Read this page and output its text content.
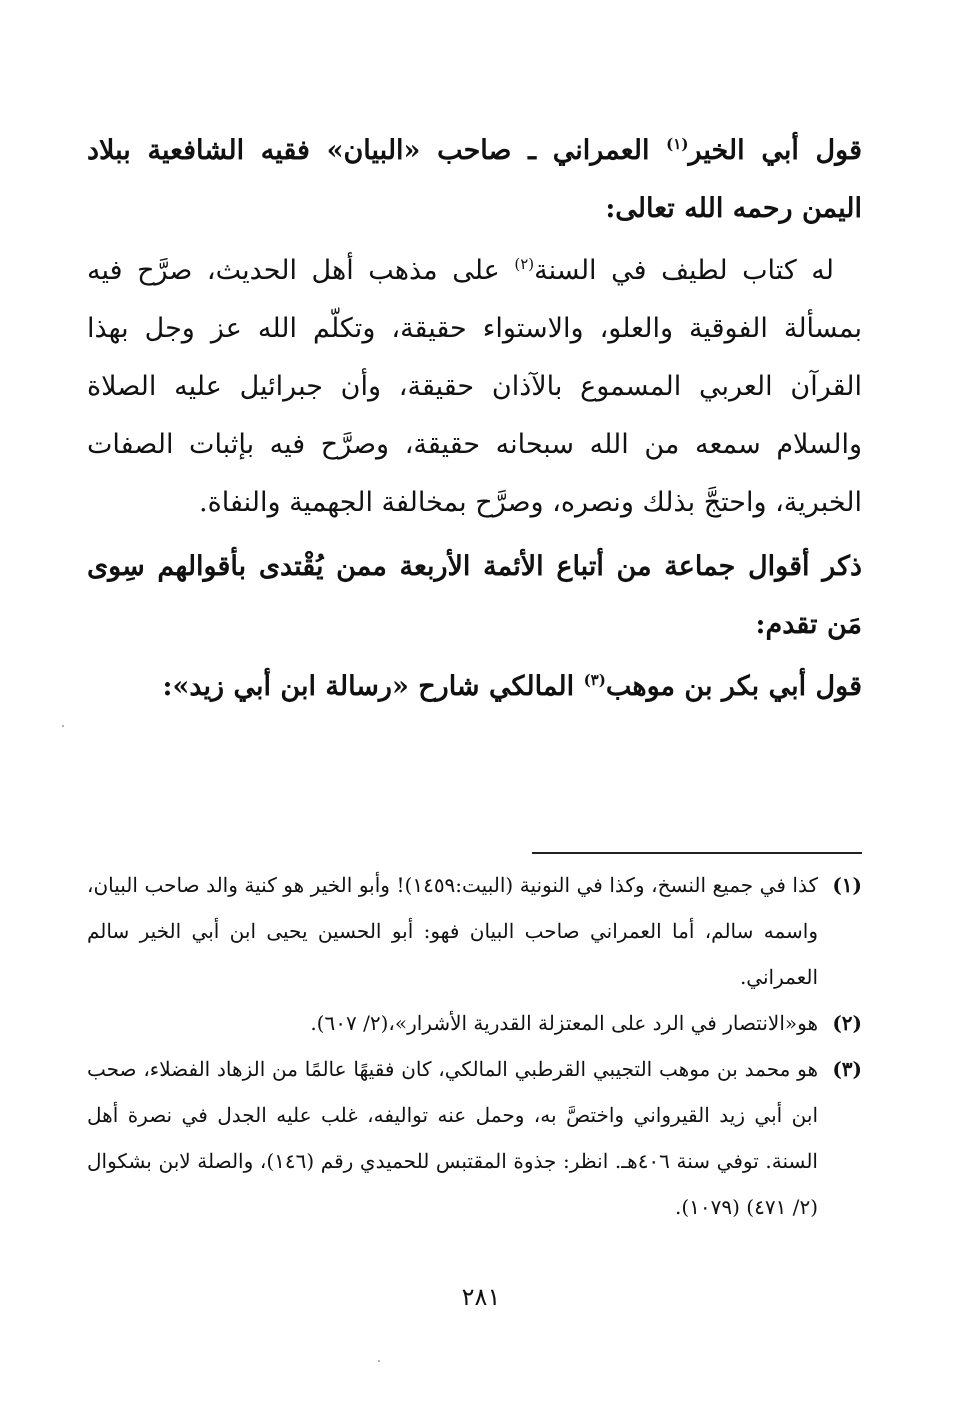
قول أبي الخير$^{(١)}$ العمراني ـ صاحب «البيان» فقيه الشافعية ببلاد اليمن رحمه الله تعالى:

له كتاب لطيف في السنة$^{(٢)}$ على مذهب أهل الحديث، صرَّح فيه بمسألة الفوقية والعلو، والاستواء حقيقة، وتكلّم الله عز وجل بهذا القرآن العربي المسموع بالآذان حقيقة، وأن جبرائيل عليه الصلاة والسلام سمعه من الله سبحانه حقيقة، وصرَّح فيه بإثبات الصفات الخبرية، واحتجَّ بذلك ونصره، وصرَّح بمخالفة الجهمية والنفاة.

ذكر أقوال جماعة من أتباع الأئمة الأربعة ممن يُقْتدى بأقوالهم سِوى مَن تقدم:

قول أبي بكر بن موهب$^{(٣)}$ المالكي شارح «رسالة ابن أبي زيد»:

(١)
كذا في جميع النسخ، وكذا في النونية (البيت:١٤٥٩)! وأبو الخير هو كنية والد صاحب البيان، واسمه سالم، أما العمراني صاحب البيان فهو: أبو الحسين يحيى ابن أبي الخير سالم العمراني.
(٢)
هو«الانتصار في الرد على المعتزلة القدرية الأشرار»،(٢/ ٦٠٧).
(٣)
هو محمد بن موهب التجيبي القرطبي المالكي، كان فقيهًا عالمًا من الزهاد الفضلاء، صحب ابن أبي زيد القيرواني واختصَّ به، وحمل عنه تواليفه، غلب عليه الجدل في نصرة أهل السنة. توفي سنة ٤٠٦هـ. انظر: جذوة المقتبس للحميدي رقم (١٤٦)، والصلة لابن بشكوال (٢/ ٤٧١) (١٠٧٩).
٢٨١
